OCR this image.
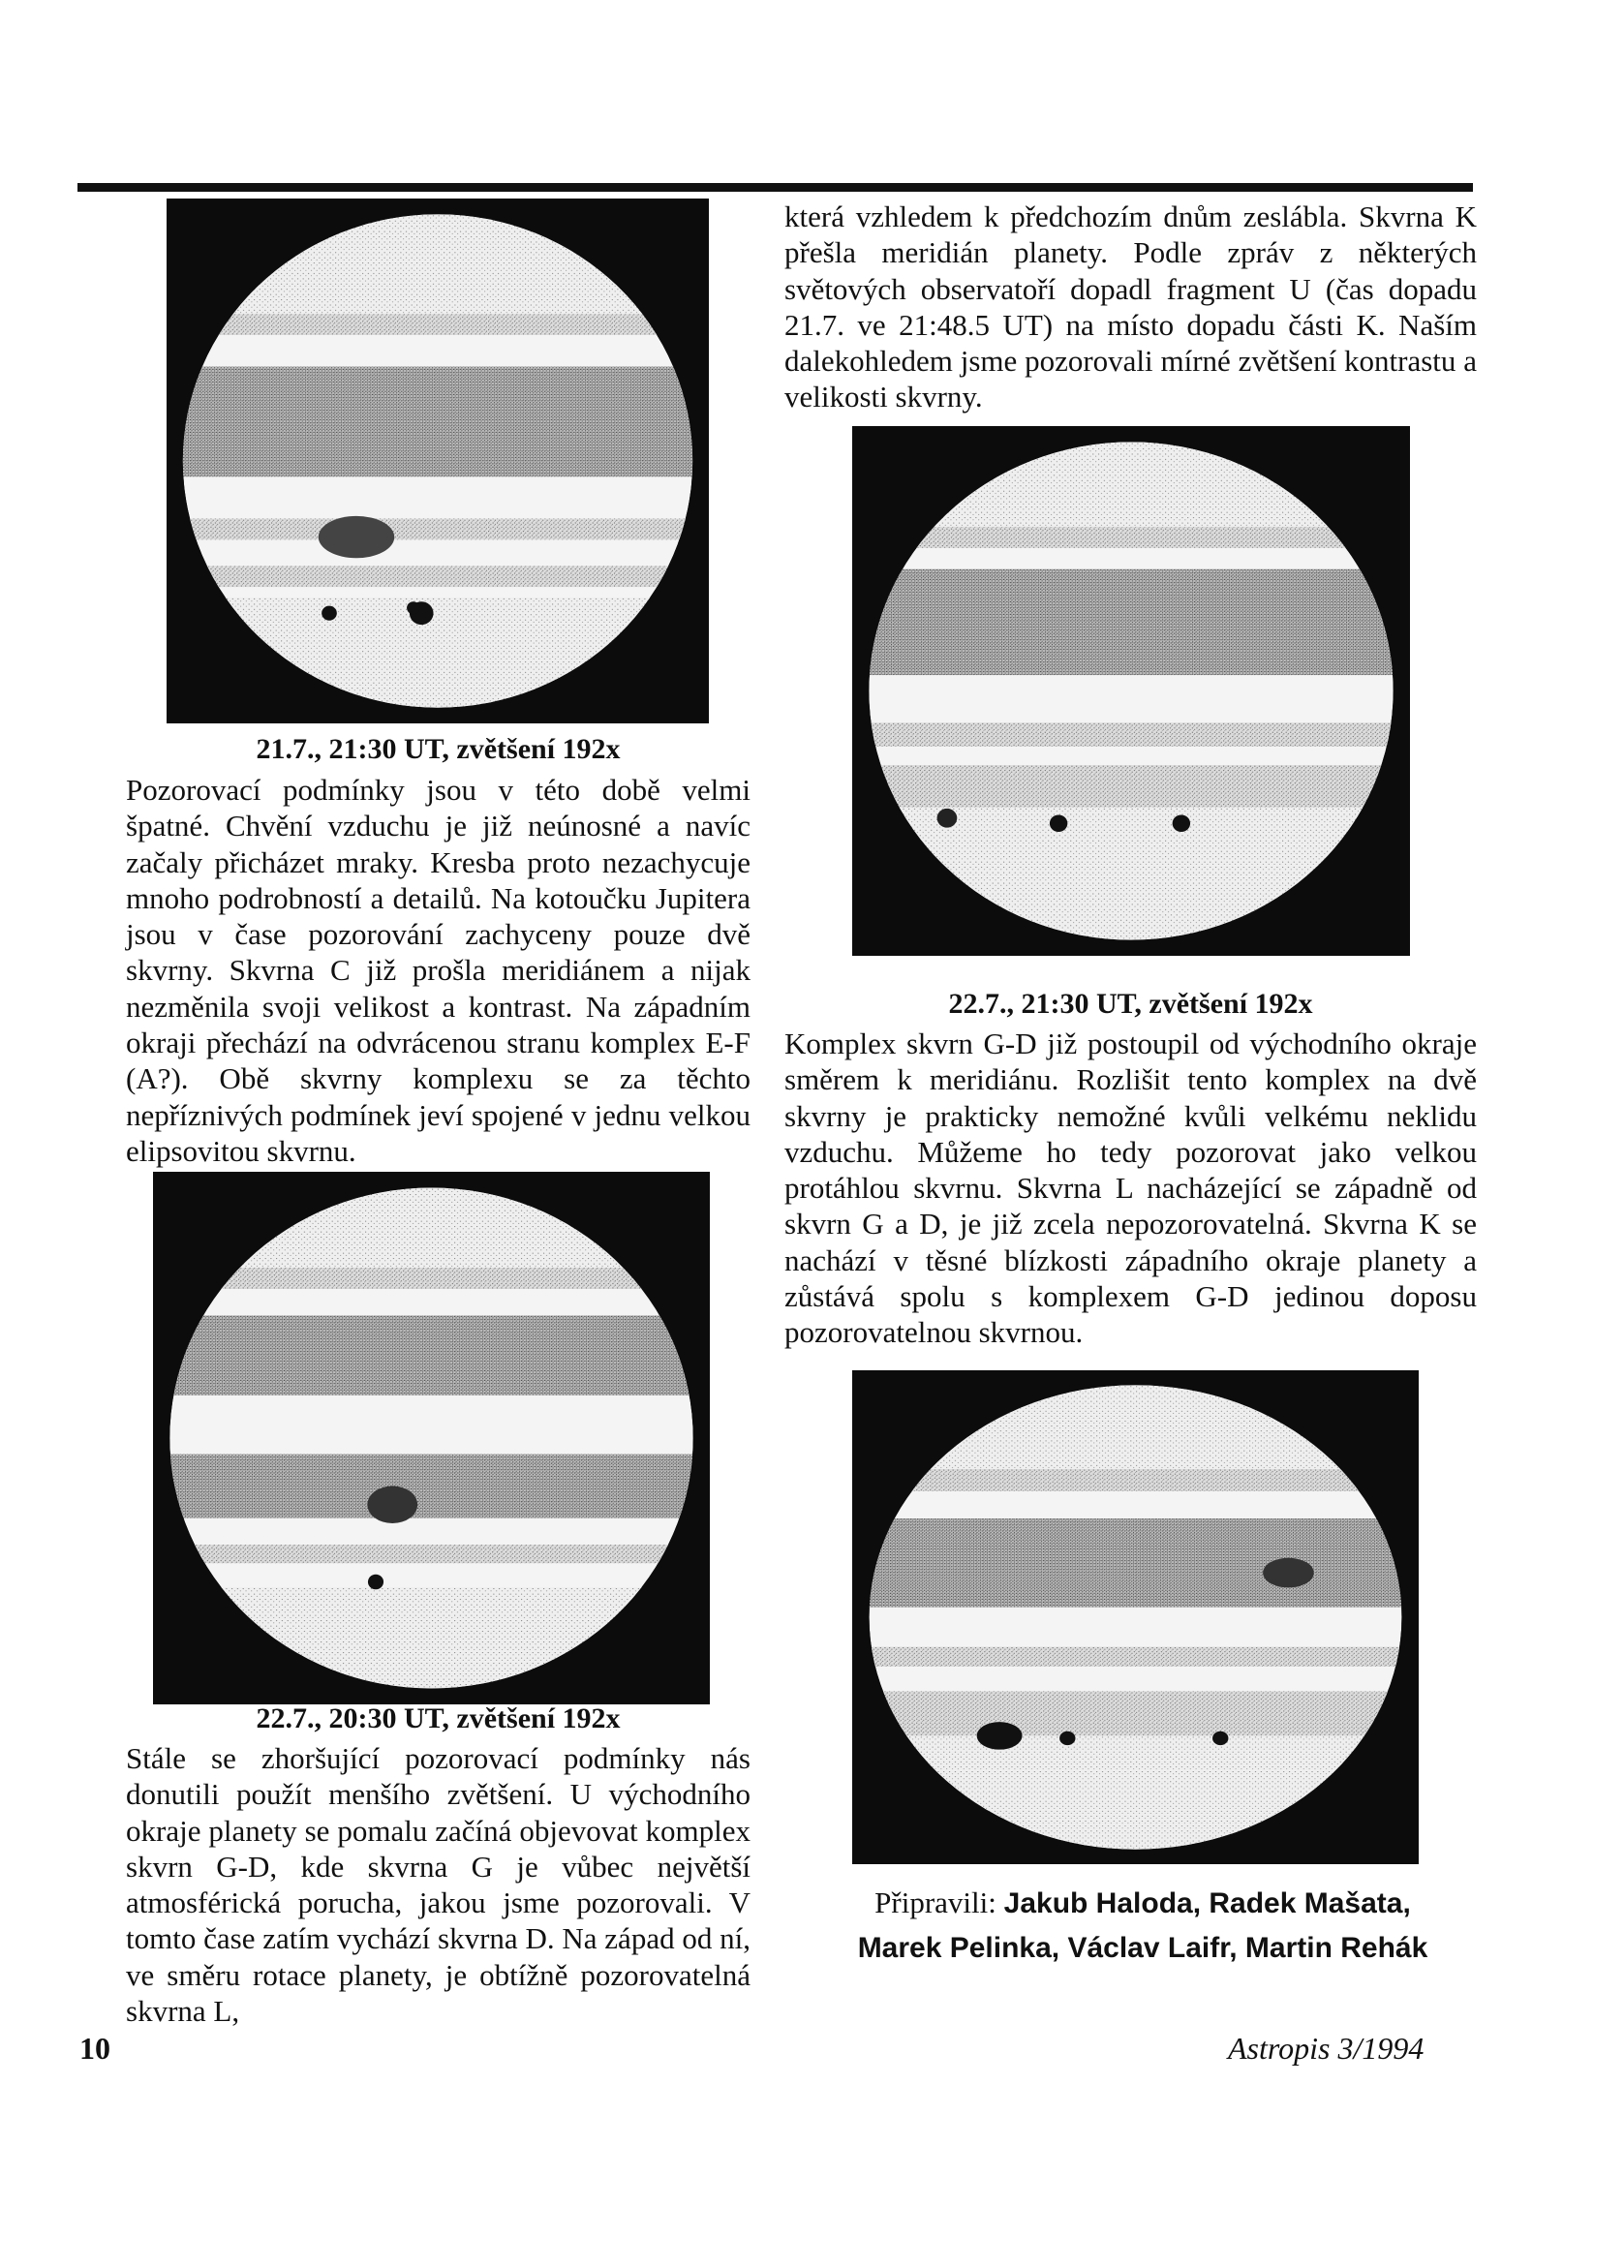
21.7., 21:30 UT, zvětšení 192x

Pozorovací podmínky jsou v této době velmi špatné. Chvění vzduchu je již neúnosné a navíc začaly přicházet mraky. Kresba proto nezachycuje mnoho podrobností a detailů. Na kotoučku Jupitera jsou v čase pozorování zachyceny pouze dvě skvrny. Skvrna C již prošla meridiánem a nijak nezměnila svoji velikost a kontrast. Na západním okraji přechází na odvrácenou stranu komplex E-F (A?). Obě skvrny komplexu se za těchto nepříznivých podmínek jeví spojené v jednu velkou elipsovitou skvrnu.

22.7., 20:30 UT, zvětšení 192x

Stále se zhoršující pozorovací podmínky nás donutili použít menšího zvětšení. U východního okraje planety se pomalu začíná objevovat komplex skvrn G-D, kde skvrna G je vůbec největší atmosférická porucha, jakou jsme pozorovali. V tomto čase zatím vychází skvrna D. Na západ od ní, ve směru rotace planety, je obtížně pozorovatelná skvrna L,

která vzhledem k předchozím dnům zeslábla. Skvrna K přešla meridián planety. Podle zpráv z některých světových observatoří dopadl fragment U (čas dopadu 21.7. ve 21:48.5 UT) na místo dopadu části K. Naším dalekohledem jsme pozorovali mírné zvětšení kontrastu a velikosti skvrny.

22.7., 21:30 UT, zvětšení 192x

Komplex skvrn G-D již postoupil od východního okraje směrem k meridiánu. Rozlišit tento komplex na dvě skvrny je prakticky nemožné kvůli velkému neklidu vzduchu. Můžeme ho tedy pozorovat jako velkou protáhlou skvrnu. Skvrna L nacházející se západně od skvrn G a D, je již zcela nepozorovatelná. Skvrna K se nachází v těsné blízkosti západního okraje planety a zůstává spolu s komplexem G-D jedinou doposu pozorovatelnou skvrnou.

Připravili: Jakub Haloda, Radek Mašata,
Marek Pelinka, Václav Laifr, Martin Rehák
10	Astropis 3/1994
